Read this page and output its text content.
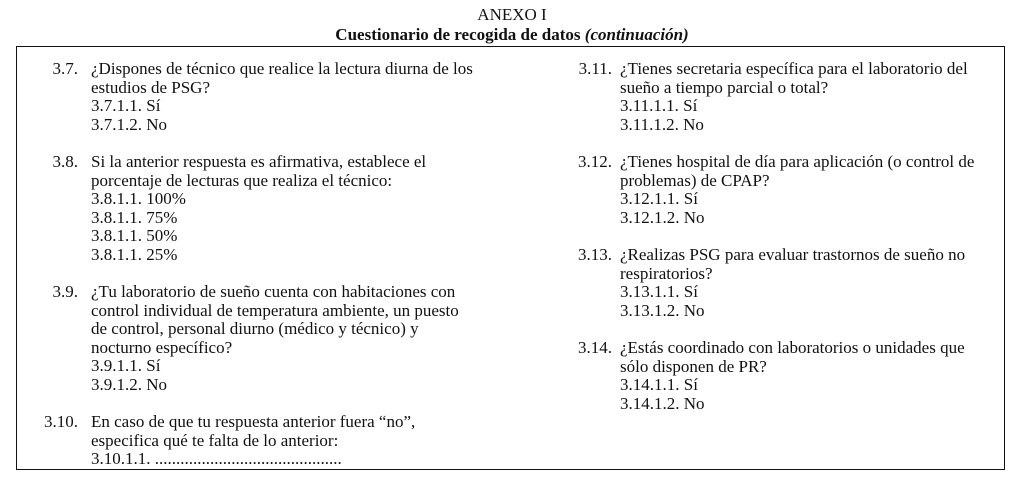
ANEXO I
Cuestionario de recogida de datos (continuación)
3.7. ¿Dispones de técnico que realice la lectura diurna de los
estudios de PSG?
3.7.1.1. Sí
3.7.1.2. No
3.8. Si la anterior respuesta es afirmativa, establece el
porcentaje de lecturas que realiza el técnico:
3.8.1.1. 100%
3.8.1.1. 75%
3.8.1.1. 50%
3.8.1.1. 25%
3.9. ¿Tu laboratorio de sueño cuenta con habitaciones con
control individual de temperatura ambiente, un puesto
de control, personal diurno (médico y técnico) y
nocturno específico?
3.9.1.1. Sí
3.9.1.2. No
3.10. En caso de que tu respuesta anterior fuera “no”,
especifica qué te falta de lo anterior:
3.10.1.1. ............................................
3.11. ¿Tienes secretaria específica para el laboratorio del
sueño a tiempo parcial o total?
3.11.1.1. Sí
3.11.1.2. No
3.12. ¿Tienes hospital de día para aplicación (o control de
problemas) de CPAP?
3.12.1.1. Sí
3.12.1.2. No
3.13. ¿Realizas PSG para evaluar trastornos de sueño no
respiratorios?
3.13.1.1. Sí
3.13.1.2. No
3.14. ¿Estás coordinado con laboratorios o unidades que
sólo disponen de PR?
3.14.1.1. Sí
3.14.1.2. No
